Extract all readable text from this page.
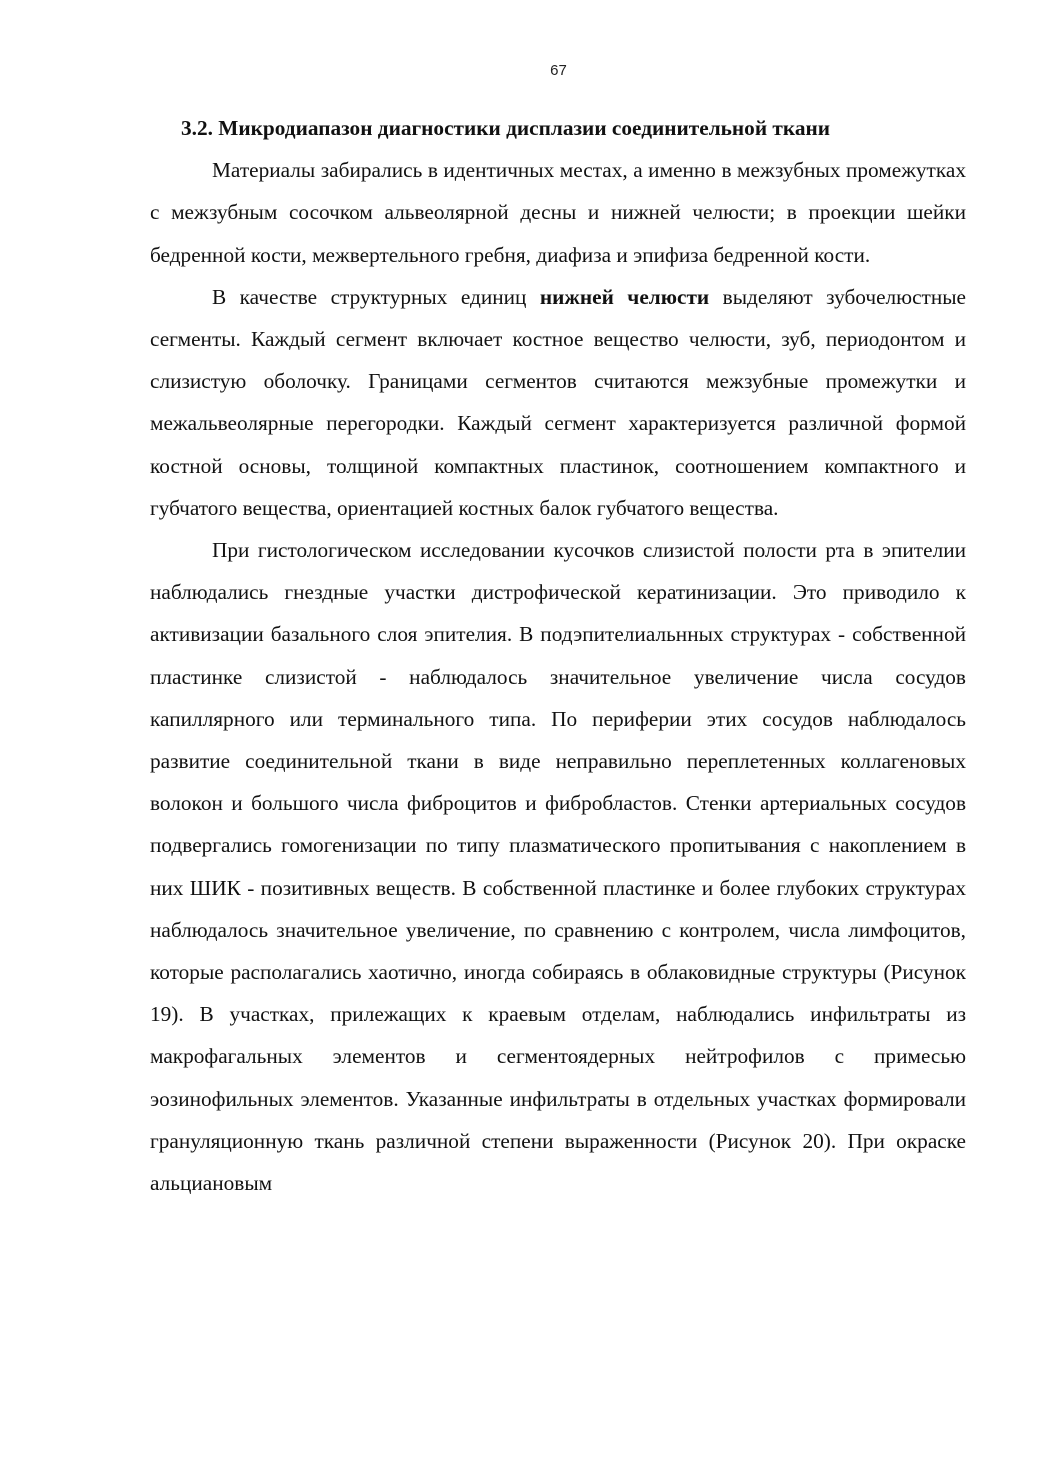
67

3.2. Микродиапазон диагностики дисплазии соединительной ткани

Материалы забирались в идентичных местах, а именно в межзубных промежутках с межзубным сосочком альвеолярной десны и нижней челюсти; в проекции шейки бедренной кости, межвертельного гребня, диафиза и эпифиза бедренной кости.

В качестве структурных единиц нижней челюсти выделяют зубочелюстные сегменты. Каждый сегмент включает костное вещество челюсти, зуб, периодонтом и слизистую оболочку. Границами сегментов считаются межзубные промежутки и межальвеолярные перегородки. Каждый сегмент характеризуется различной формой костной основы, толщиной компактных пластинок, соотношением компактного и губчатого вещества, ориентацией костных балок губчатого вещества.

При гистологическом исследовании кусочков слизистой полости рта в эпителии наблюдались гнездные участки дистрофической кератинизации. Это приводило к активизации базального слоя эпителия. В подэпителиальнных структурах - собственной пластинке слизистой - наблюдалось значительное увеличение числа сосудов капиллярного или терминального типа. По периферии этих сосудов наблюдалось развитие соединительной ткани в виде неправильно переплетенных коллагеновых волокон и большого числа фиброцитов и фибробластов. Стенки артериальных сосудов подвергались гомогенизации по типу плазматического пропитывания с накоплением в них ШИК - позитивных веществ. В собственной пластинке и более глубоких структурах наблюдалось значительное увеличение, по сравнению с контролем, числа лимфоцитов, которые располагались хаотично, иногда собираясь в облаковидные структуры (Рисунок 19). В участках, прилежащих к краевым отделам, наблюдались инфильтраты из макрофагальных элементов и сегментоядерных нейтрофилов с примесью эозинофильных элементов. Указанные инфильтраты в отдельных участках формировали грануляционную ткань различной степени выраженности (Рисунок 20). При окраске альциановым
